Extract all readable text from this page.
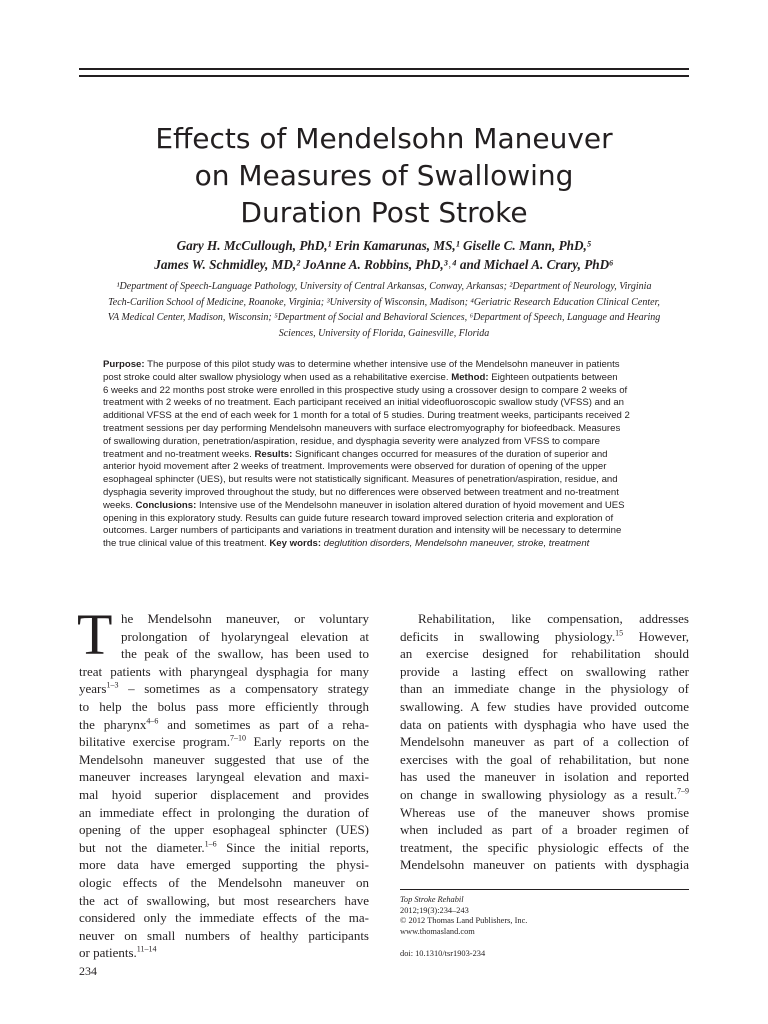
Effects of Mendelsohn Maneuver
on Measures of Swallowing
Duration Post Stroke
Gary H. McCullough, PhD,¹ Erin Kamarunas, MS,¹ Giselle C. Mann, PhD,⁵
James W. Schmidley, MD,² JoAnne A. Robbins, PhD,³˒⁴ and Michael A. Crary, PhD⁶
¹Department of Speech-Language Pathology, University of Central Arkansas, Conway, Arkansas; ²Department of Neurology, Virginia
Tech-Carilion School of Medicine, Roanoke, Virginia; ³University of Wisconsin, Madison; ⁴Geriatric Research Education Clinical Center,
VA Medical Center, Madison, Wisconsin; ⁵Department of Social and Behavioral Sciences, ⁶Department of Speech, Language and Hearing
Sciences, University of Florida, Gainesville, Florida
Purpose: The purpose of this pilot study was to determine whether intensive use of the Mendelsohn maneuver in patients
post stroke could alter swallow physiology when used as a rehabilitative exercise. Method: Eighteen outpatients between
6 weeks and 22 months post stroke were enrolled in this prospective study using a crossover design to compare 2 weeks of
treatment with 2 weeks of no treatment. Each participant received an initial videofluoroscopic swallow study (VFSS) and an
additional VFSS at the end of each week for 1 month for a total of 5 studies. During treatment weeks, participants received 2
treatment sessions per day performing Mendelsohn maneuvers with surface electromyography for biofeedback. Measures
of swallowing duration, penetration/aspiration, residue, and dysphagia severity were analyzed from VFSS to compare
treatment and no-treatment weeks. Results: Significant changes occurred for measures of the duration of superior and
anterior hyoid movement after 2 weeks of treatment. Improvements were observed for duration of opening of the upper
esophageal sphincter (UES), but results were not statistically significant. Measures of penetration/aspiration, residue, and
dysphagia severity improved throughout the study, but no differences were observed between treatment and no-treatment
weeks. Conclusions: Intensive use of the Mendelsohn maneuver in isolation altered duration of hyoid movement and UES
opening in this exploratory study. Results can guide future research toward improved selection criteria and exploration of
outcomes. Larger numbers of participants and variations in treatment duration and intensity will be necessary to determine
the true clinical value of this treatment. Key words: deglutition disorders, Mendelsohn maneuver, stroke, treatment
T he Mendelsohn maneuver, or voluntary
prolongation of hyolaryngeal elevation at
the peak of the swallow, has been used to
treat patients with pharyngeal dysphagia for many
years$^{1-3}$ – sometimes as a compensatory strategy
to help the bolus pass more efficiently through
the pharynx$^{4-6}$ and sometimes as part of a reha-
bilitative exercise program.$^{7-10}$ Early reports on the
Mendelsohn maneuver suggested that use of the
maneuver increases laryngeal elevation and maxi-
mal hyoid superior displacement and provides
an immediate effect in prolonging the duration of
opening of the upper esophageal sphincter (UES)
but not the diameter.$^{1-6}$ Since the initial reports,
more data have emerged supporting the physi-
ologic effects of the Mendelsohn maneuver on
the act of swallowing, but most researchers have
considered only the immediate effects of the ma-
neuver on small numbers of healthy participants
or patients.$^{11-14}$
Rehabilitation, like compensation, addresses
deficits in swallowing physiology.$^{15}$ However,
an exercise designed for rehabilitation should
provide a lasting effect on swallowing rather
than an immediate change in the physiology of
swallowing. A few studies have provided outcome
data on patients with dysphagia who have used the
Mendelsohn maneuver as part of a collection of
exercises with the goal of rehabilitation, but none
has used the maneuver in isolation and reported
on change in swallowing physiology as a result.$^{7-9}$
Whereas use of the maneuver shows promise
when included as part of a broader regimen of
treatment, the specific physiologic effects of the
Mendelsohn maneuver on patients with dysphagia
Top Stroke Rehabil
2012;19(3):234–243
© 2012 Thomas Land Publishers, Inc.
www.thomasland.com
doi: 10.1310/tsr1903-234
234
